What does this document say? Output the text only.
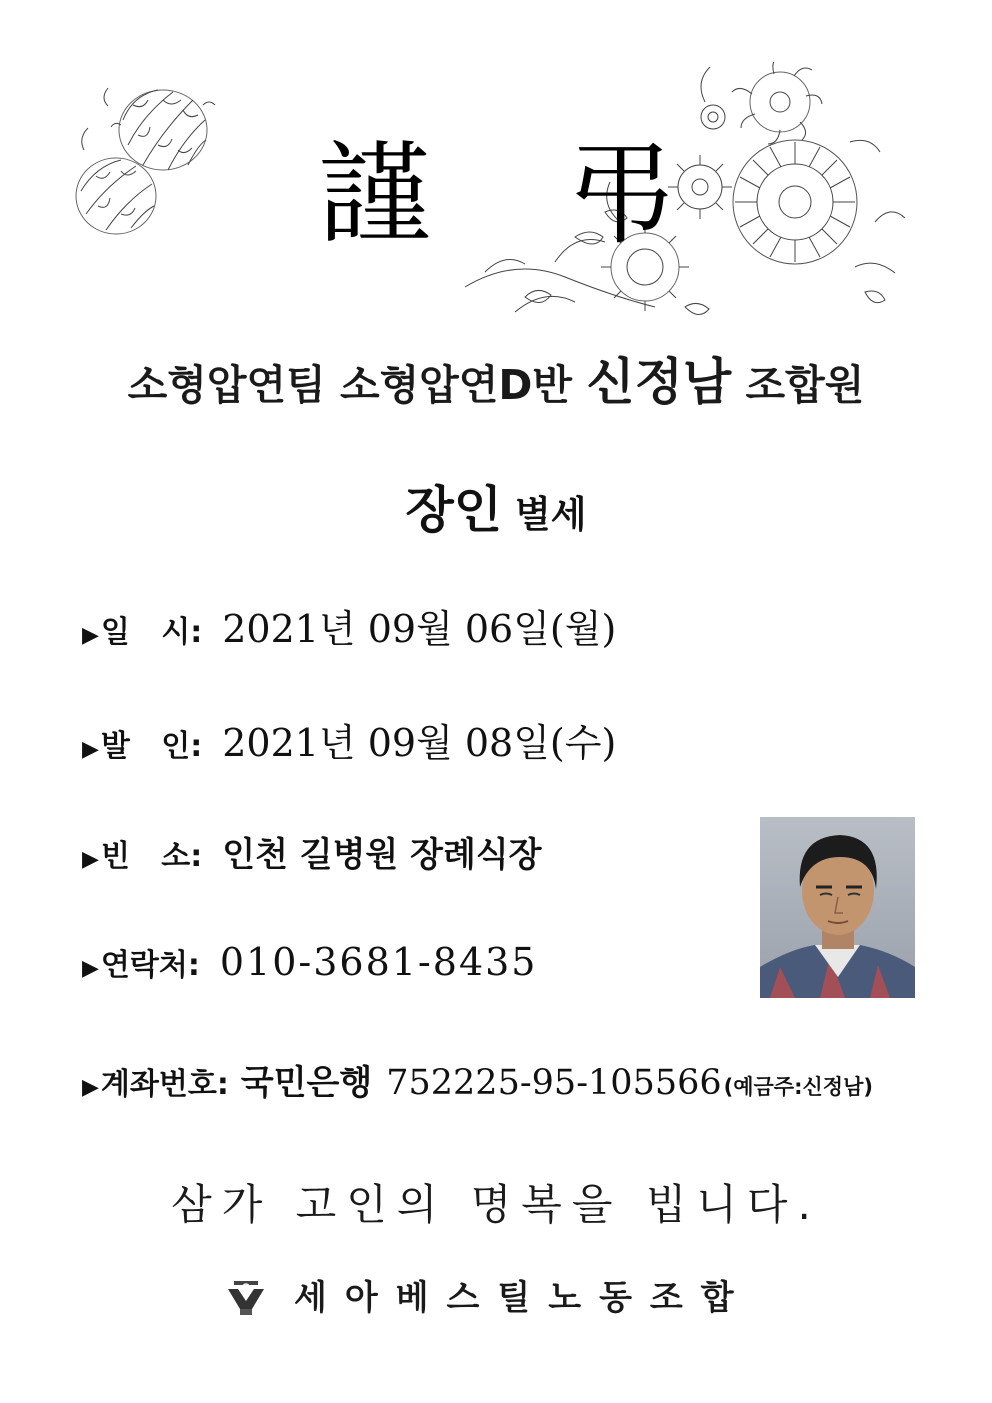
謹 弔
소형압연팀 소형압연D반 신정남 조합원
장인 별세
▶ 일   시: 2021년 09월 06일(월)
▶ 발   인: 2021년 09월 08일(수)
▶ 빈   소: 인천 길병원 장례식장
▶ 연락처: 010-3681-8435
▶ 계좌번호: 국민은행 752225-95-105566 (예금주:신정남)
삼가 고인의 명복을 빕니다.
세아베스틸노동조합
